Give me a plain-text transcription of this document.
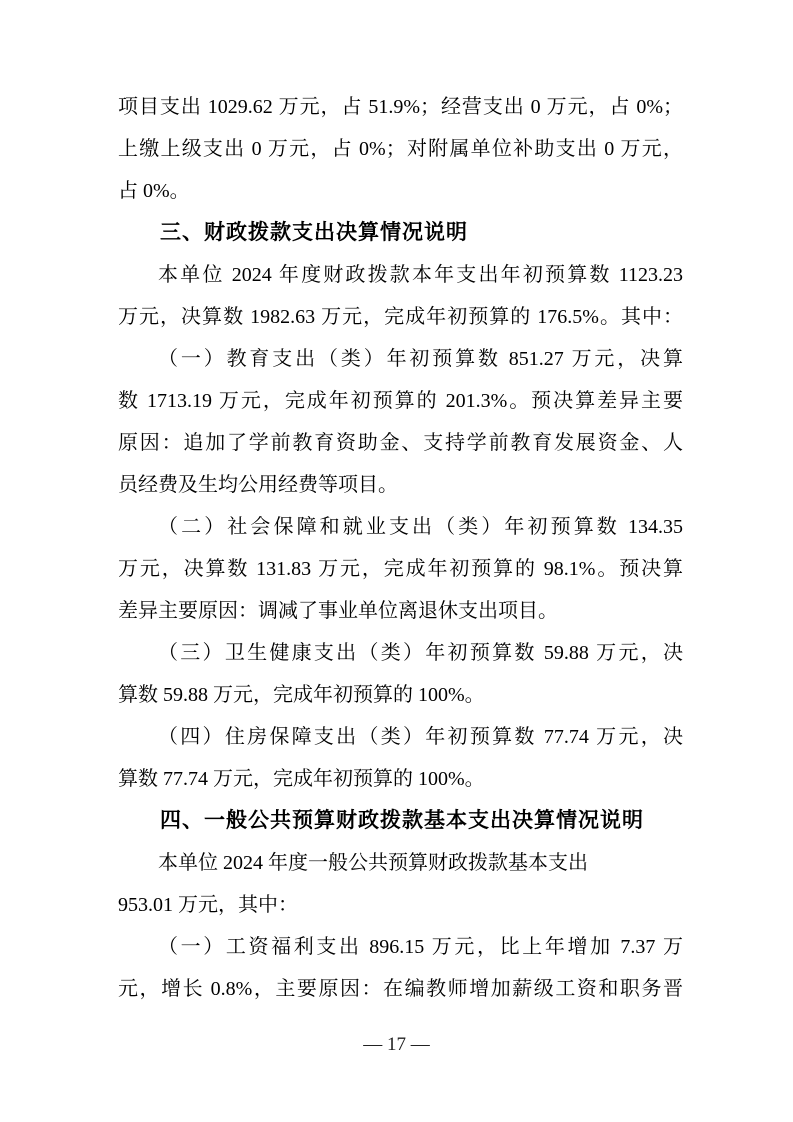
项目支出 1029.62 万元，占 51.9%；经营支出 0 万元，占 0%；
上缴上级支出 0 万元，占 0%；对附属单位补助支出 0 万元，
占 0%。
三、财政拨款支出决算情况说明
本单位 2024 年度财政拨款本年支出年初预算数 1123.23
万元，决算数 1982.63 万元，完成年初预算的 176.5%。其中：
（一）教育支出（类）年初预算数 851.27 万元，决算
数 1713.19 万元，完成年初预算的 201.3%。预决算差异主要
原因：追加了学前教育资助金、支持学前教育发展资金、人
员经费及生均公用经费等项目。
（二）社会保障和就业支出（类）年初预算数 134.35
万元，决算数 131.83 万元，完成年初预算的 98.1%。预决算
差异主要原因：调减了事业单位离退休支出项目。
（三）卫生健康支出（类）年初预算数 59.88 万元，决
算数 59.88 万元，完成年初预算的 100%。
（四）住房保障支出（类）年初预算数 77.74 万元，决
算数 77.74 万元，完成年初预算的 100%。
四、一般公共预算财政拨款基本支出决算情况说明
本单位 2024 年度一般公共预算财政拨款基本支出
953.01 万元，其中：
（一）工资福利支出 896.15 万元，比上年增加 7.37 万
元，增长 0.8%，主要原因：在编教师增加薪级工资和职务晋
— 17 —
